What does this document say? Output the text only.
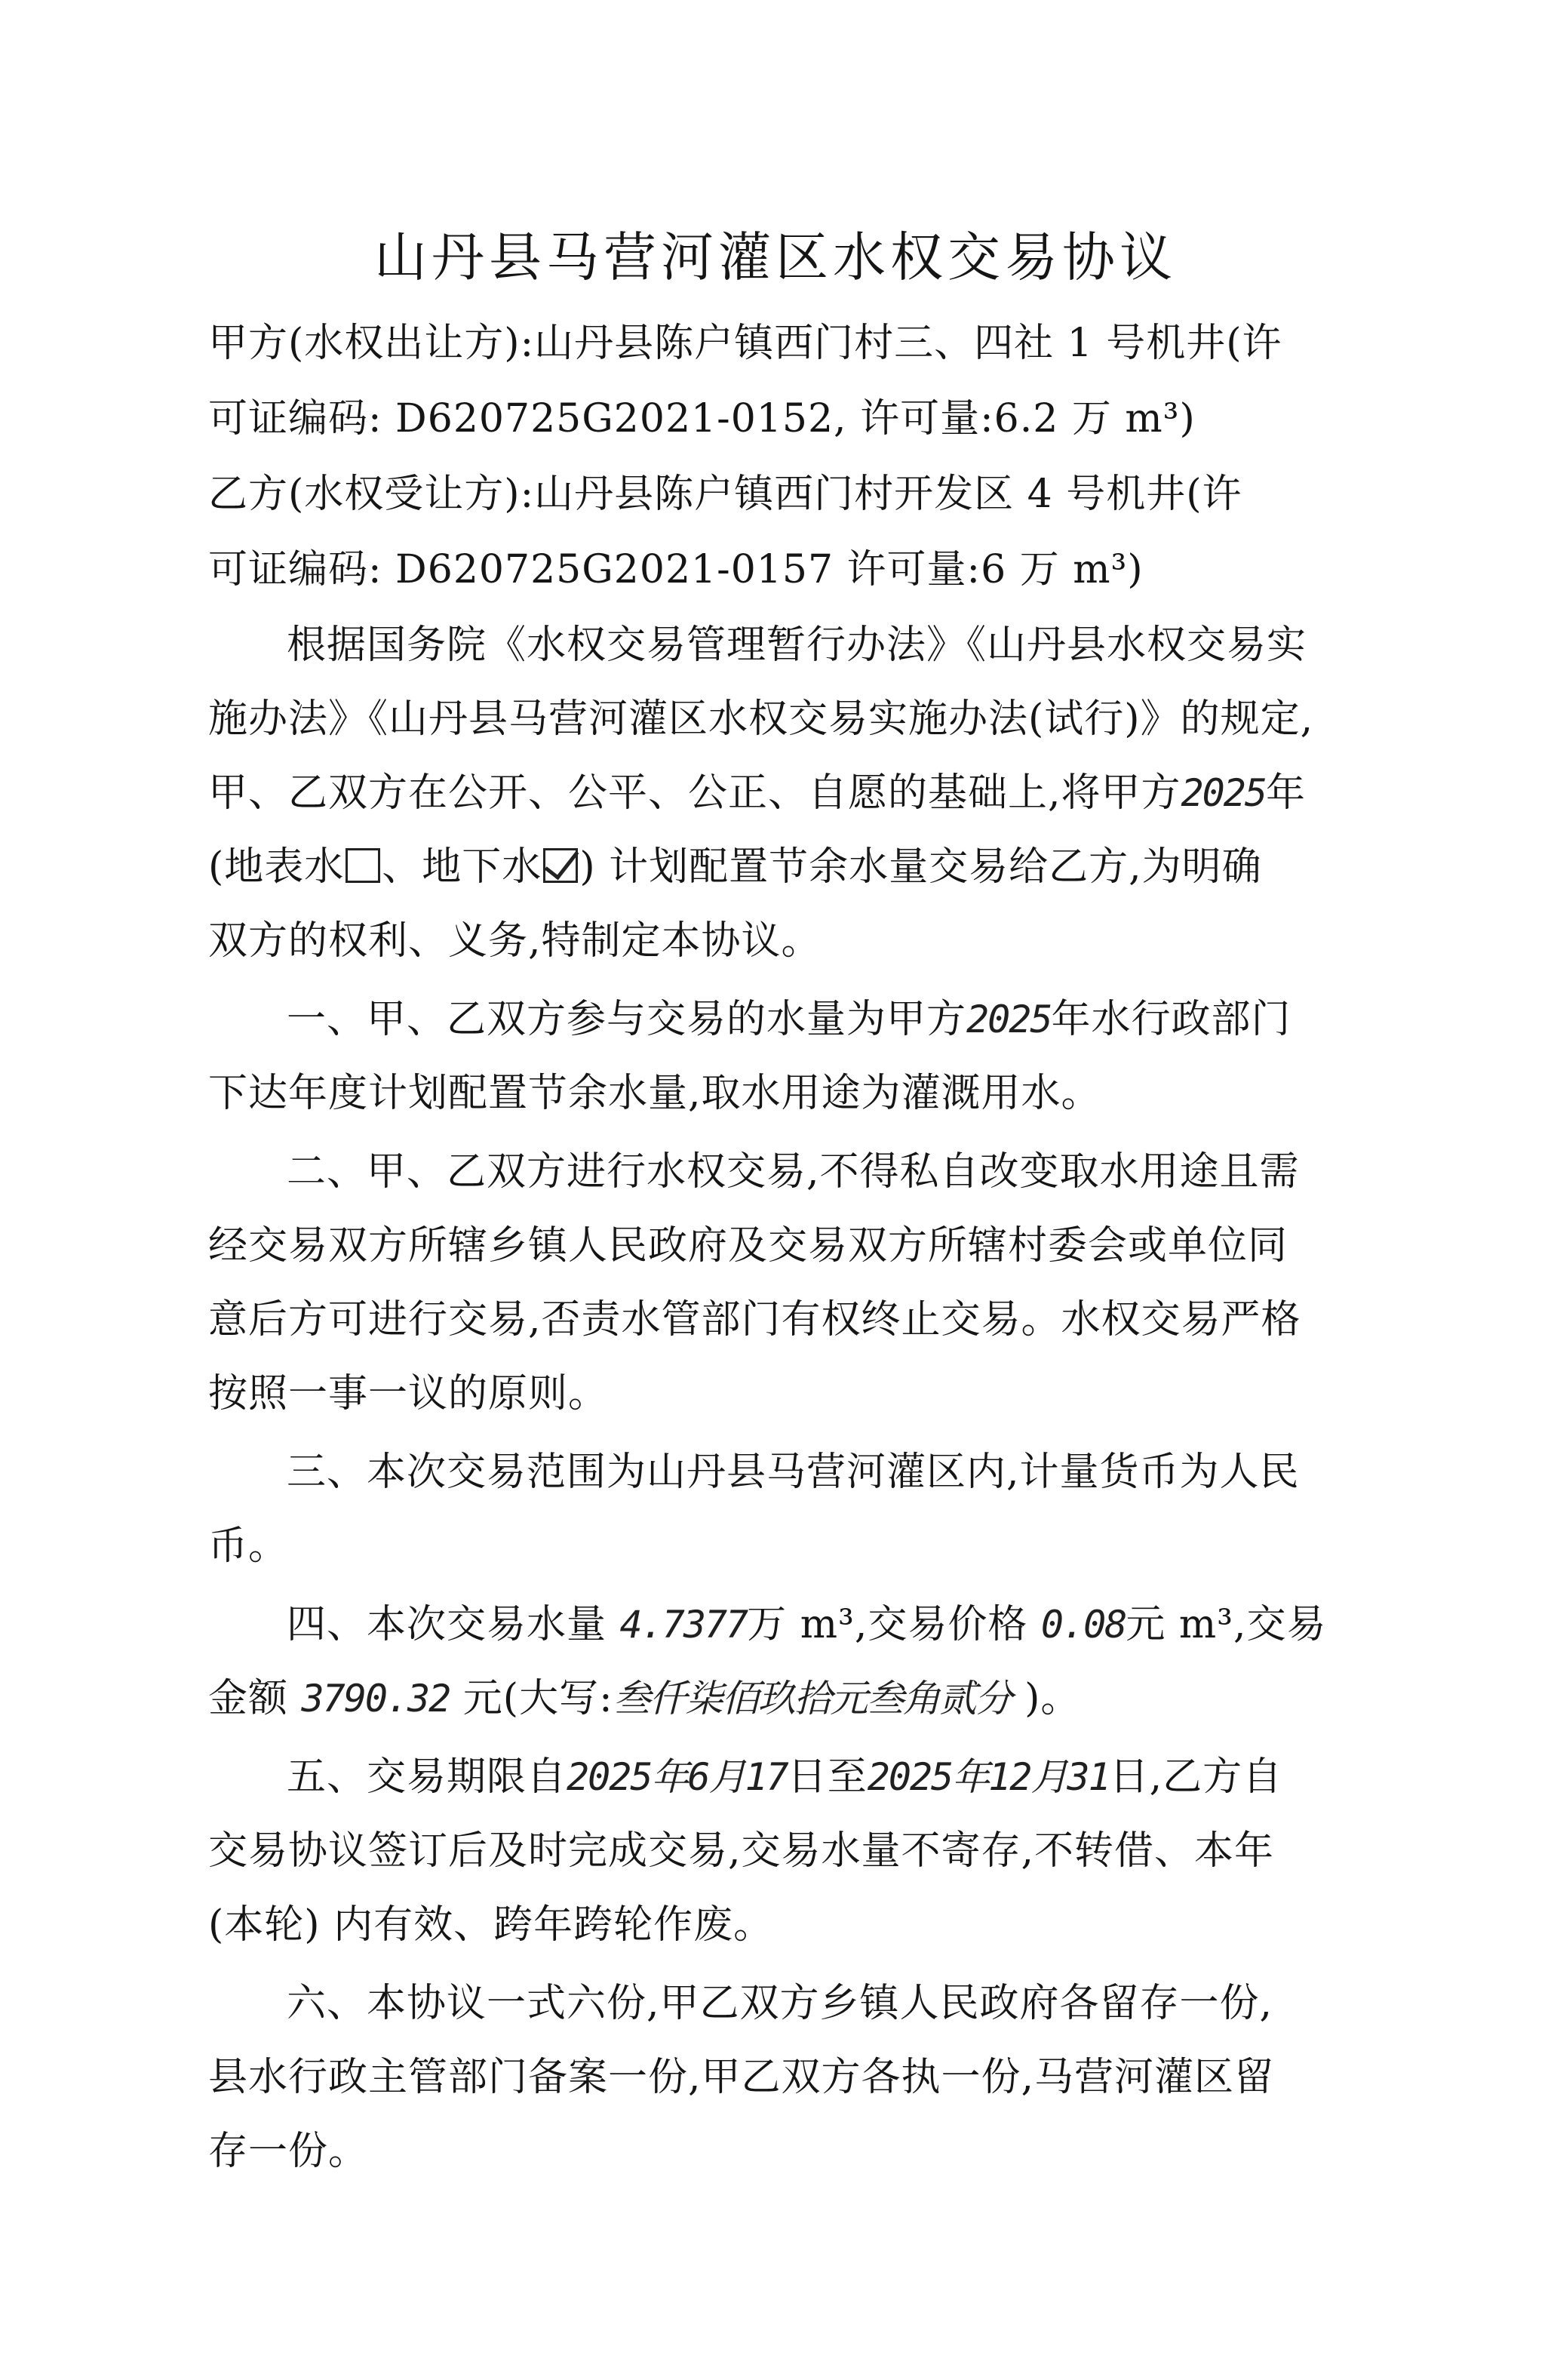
山丹县马营河灌区水权交易协议
甲方(水权出让方):山丹县陈户镇西门村三、四社 1 号机井(许
可证编码: D620725G2021-0152, 许可量:6.2 万 m³)
乙方(水权受让方):山丹县陈户镇西门村开发区 4 号机井(许
可证编码: D620725G2021-0157 许可量:6 万 m³)
根据国务院《水权交易管理暂行办法》《山丹县水权交易实
施办法》《山丹县马营河灌区水权交易实施办法(试行)》的规定,
甲、乙双方在公开、公平、公正、自愿的基础上,将甲方2025年
(地表水 、地下水 ) 计划配置节余水量交易给乙方,为明确
双方的权利、义务,特制定本协议。
一、甲、乙双方参与交易的水量为甲方2025年水行政部门
下达年度计划配置节余水量,取水用途为灌溉用水。
二、甲、乙双方进行水权交易,不得私自改变取水用途且需
经交易双方所辖乡镇人民政府及交易双方所辖村委会或单位同
意后方可进行交易,否责水管部门有权终止交易。水权交易严格
按照一事一议的原则。
三、本次交易范围为山丹县马营河灌区内,计量货币为人民
币。
四、本次交易水量 4.7377万 m³,交易价格 0.08元 m³,交易
金额 3790.32 元(大写:叁仟柒佰玖拾元叁角贰分 )。
五、交易期限自2025年6月17日至2025年12月31日,乙方自
交易协议签订后及时完成交易,交易水量不寄存,不转借、本年
(本轮) 内有效、跨年跨轮作废。
六、本协议一式六份,甲乙双方乡镇人民政府各留存一份,
县水行政主管部门备案一份,甲乙双方各执一份,马营河灌区留
存一份。
